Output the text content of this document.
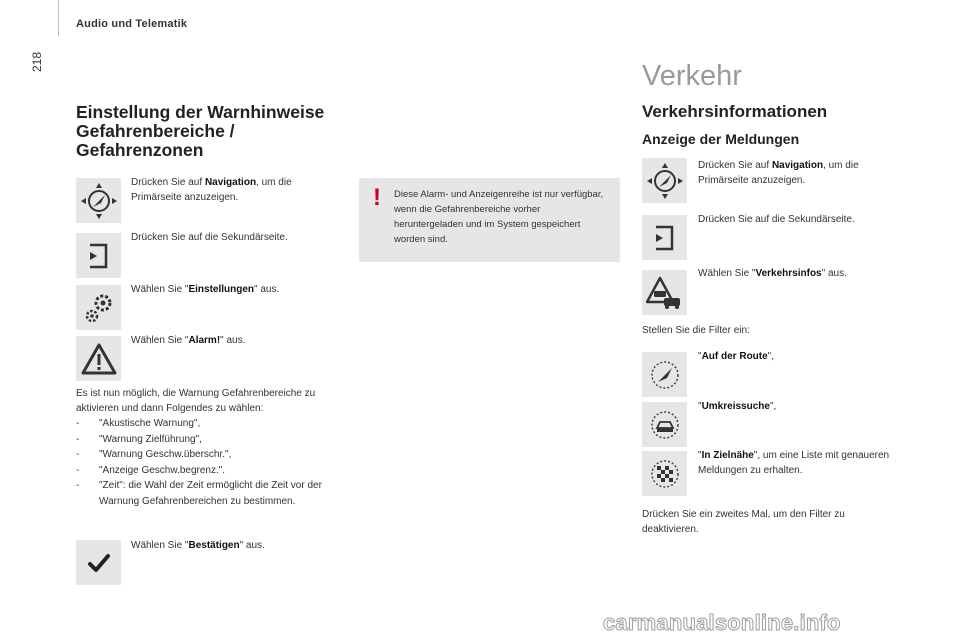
Audio und Telematik
218
Einstellung der Warnhinweise
Gefahrenbereiche /
Gefahrenzonen
Drücken Sie auf Navigation, um die Primärseite anzuzeigen.
Drücken Sie auf die Sekundärseite.
Wählen Sie "Einstellungen" aus.
Wählen Sie "Alarm!" aus.
Es ist nun möglich, die Warnung Gefahrenbereiche zu aktivieren und dann Folgendes zu wählen:
- "Akustische Warnung",
- "Warnung Zielführung",
- "Warnung Geschw.überschr.",
- "Anzeige Geschw.begrenz.".
- "Zeit": die Wahl der Zeit ermöglicht die Zeit vor der Warnung Gefahrenbereichen zu bestimmen.
Wählen Sie "Bestätigen" aus.
! Diese Alarm- und Anzeigenreihe ist nur verfügbar, wenn die Gefahrenbereiche vorher heruntergeladen und im System gespeichert worden sind.
Verkehr
Verkehrsinformationen
Anzeige der Meldungen
Drücken Sie auf Navigation, um die Primärseite anzuzeigen.
Drücken Sie auf die Sekundärseite.
Wählen Sie "Verkehrsinfos" aus.
Stellen Sie die Filter ein:
"Auf der Route",
"Umkreissuche",
"In Zielnähe", um eine Liste mit genaueren Meldungen zu erhalten.
Drücken Sie ein zweites Mal, um den Filter zu deaktivieren.
carmanualsonline.info
